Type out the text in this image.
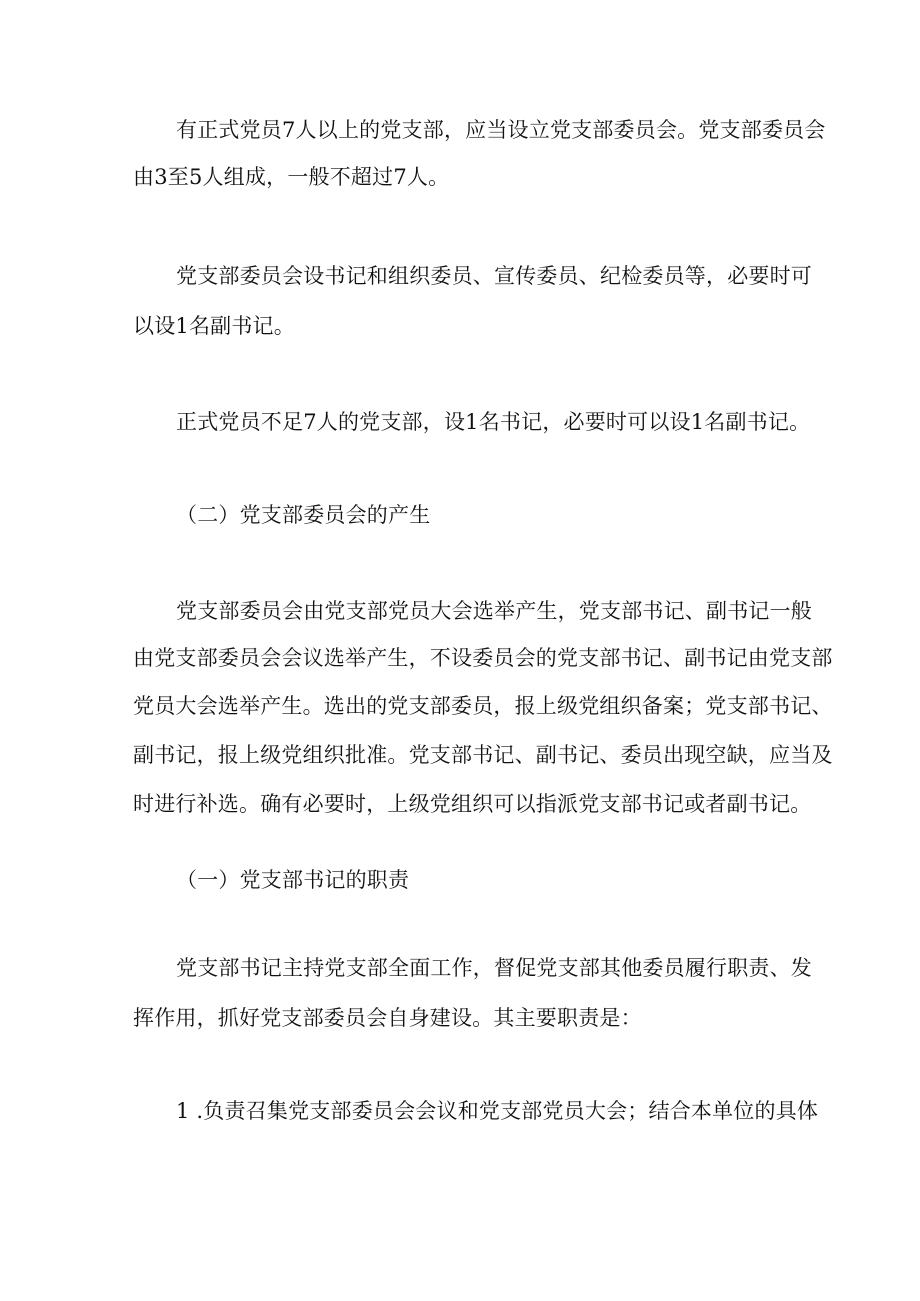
有正式党员7人以上的党支部，应当设立党支部委员会。党支部委员会
由3至5人组成，一般不超过7人。
党支部委员会设书记和组织委员、宣传委员、纪检委员等，必要时可
以设1名副书记。
正式党员不足7人的党支部，设1名书记，必要时可以设1名副书记。
（二）党支部委员会的产生
党支部委员会由党支部党员大会选举产生，党支部书记、副书记一般
由党支部委员会会议选举产生，不设委员会的党支部书记、副书记由党支部
党员大会选举产生。选出的党支部委员，报上级党组织备案；党支部书记、
副书记，报上级党组织批准。党支部书记、副书记、委员出现空缺，应当及
时进行补选。确有必要时，上级党组织可以指派党支部书记或者副书记。
（一）党支部书记的职责
党支部书记主持党支部全面工作，督促党支部其他委员履行职责、发
挥作用，抓好党支部委员会自身建设。其主要职责是：
1 .负责召集党支部委员会会议和党支部党员大会；结合本单位的具体
